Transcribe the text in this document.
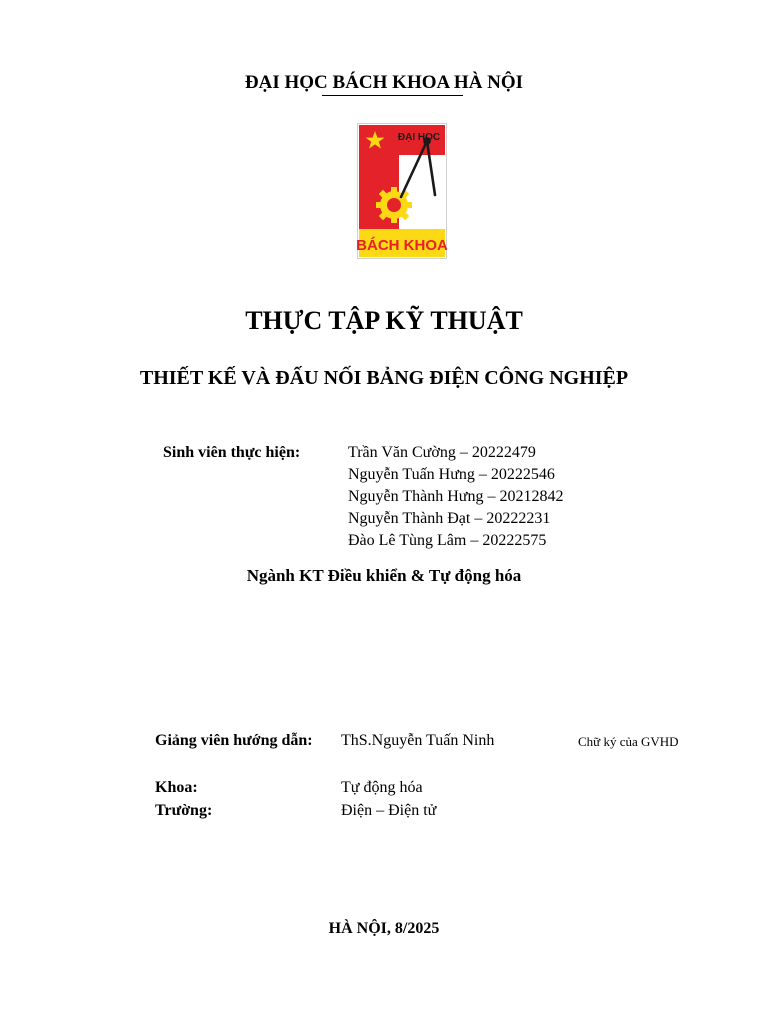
ĐẠI HỌC BÁCH KHOA HÀ NỘI
ĐẠI HỌC
BÁCH KHOA
THỰC TẬP KỸ THUẬT
THIẾT KẾ VÀ ĐẤU NỐI BẢNG ĐIỆN CÔNG NGHIỆP
Sinh viên thực hiện:	Trần Văn Cường – 20222479
Nguyễn Tuấn Hưng – 20222546
Nguyễn Thành Hưng – 20212842
Nguyễn Thành Đạt – 20222231
Đào Lê Tùng Lâm – 20222575
Ngành KT Điều khiển & Tự động hóa
Giảng viên hướng dẫn: ThS.Nguyễn Tuấn Ninh	Chữ ký của GVHD
Khoa:	Tự động hóa
Trường:	Điện – Điện tử
HÀ NỘI, 8/2025
